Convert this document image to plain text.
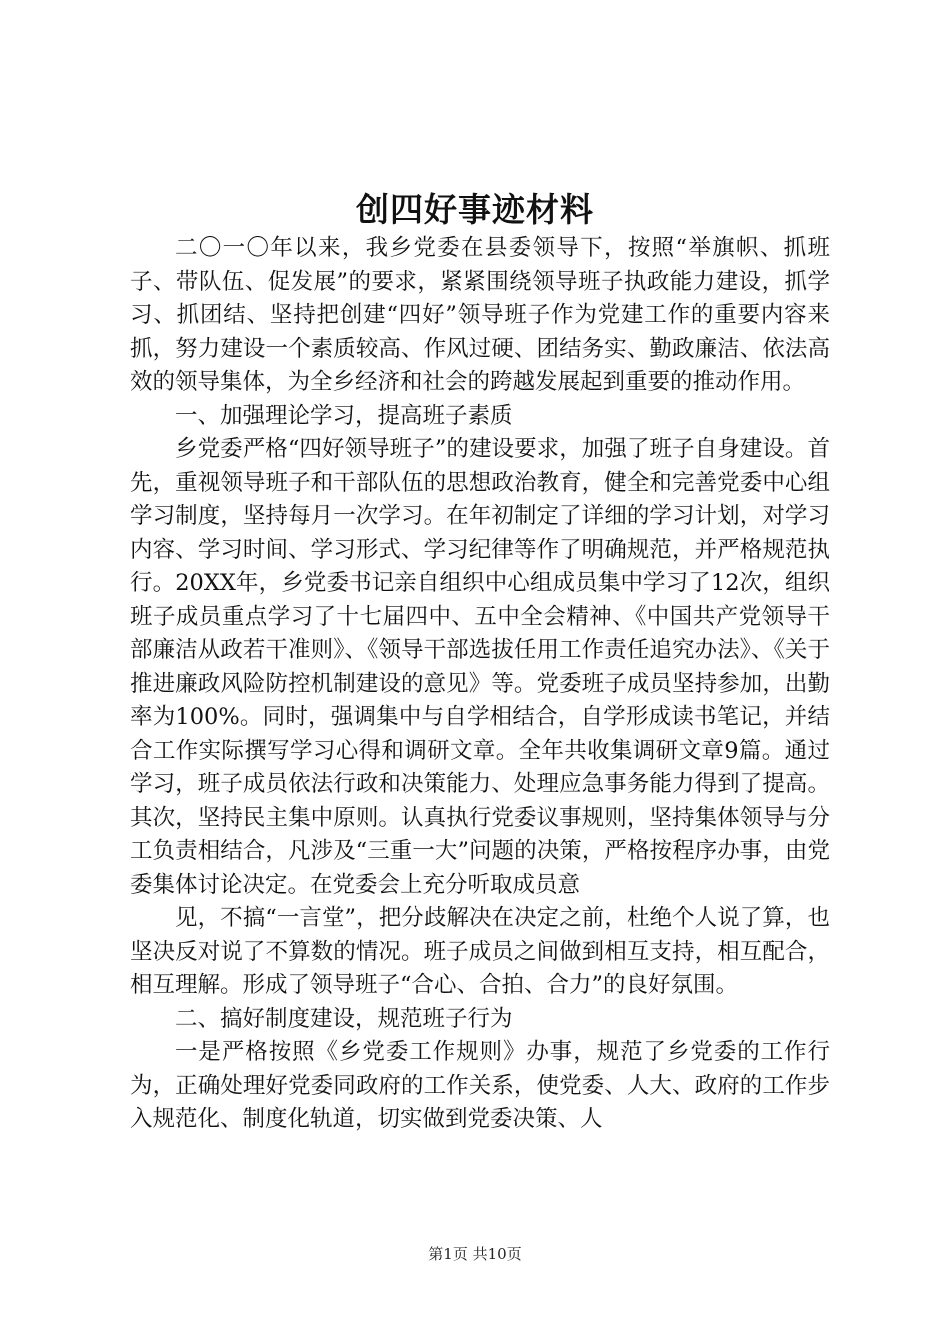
创四好事迹材料

二〇一〇年以来，我乡党委在县委领导下，按照“举旗帜、抓班子、带队伍、促发展”的要求，紧紧围绕领导班子执政能力建设，抓学习、抓团结、坚持把创建“四好”领导班子作为党建工作的重要内容来抓，努力建设一个素质较高、作风过硬、团结务实、勤政廉洁、依法高效的领导集体，为全乡经济和社会的跨越发展起到重要的推动作用。

一、加强理论学习，提高班子素质

乡党委严格“四好领导班子”的建设要求，加强了班子自身建设。首先，重视领导班子和干部队伍的思想政治教育，健全和完善党委中心组学习制度，坚持每月一次学习。在年初制定了详细的学习计划，对学习内容、学习时间、学习形式、学习纪律等作了明确规范，并严格规范执行。20XX年，乡党委书记亲自组织中心组成员集中学习了12次，组织班子成员重点学习了十七届四中、五中全会精神、《中国共产党领导干部廉洁从政若干准则》、《领导干部选拔任用工作责任追究办法》、《关于推进廉政风险防控机制建设的意见》等。党委班子成员坚持参加，出勤率为100%。同时，强调集中与自学相结合，自学形成读书笔记，并结合工作实际撰写学习心得和调研文章。全年共收集调研文章9篇。通过学习，班子成员依法行政和决策能力、处理应急事务能力得到了提高。其次，坚持民主集中原则。认真执行党委议事规则，坚持集体领导与分工负责相结合，凡涉及“三重一大”问题的决策，严格按程序办事，由党委集体讨论决定。在党委会上充分听取成员意

见，不搞“一言堂”，把分歧解决在决定之前，杜绝个人说了算，也坚决反对说了不算数的情况。班子成员之间做到相互支持，相互配合，相互理解。形成了领导班子“合心、合拍、合力”的良好氛围。

二、搞好制度建设，规范班子行为

一是严格按照《乡党委工作规则》办事，规范了乡党委的工作行为，正确处理好党委同政府的工作关系，使党委、人大、政府的工作步入规范化、制度化轨道，切实做到党委决策、人

第1页 共10页
